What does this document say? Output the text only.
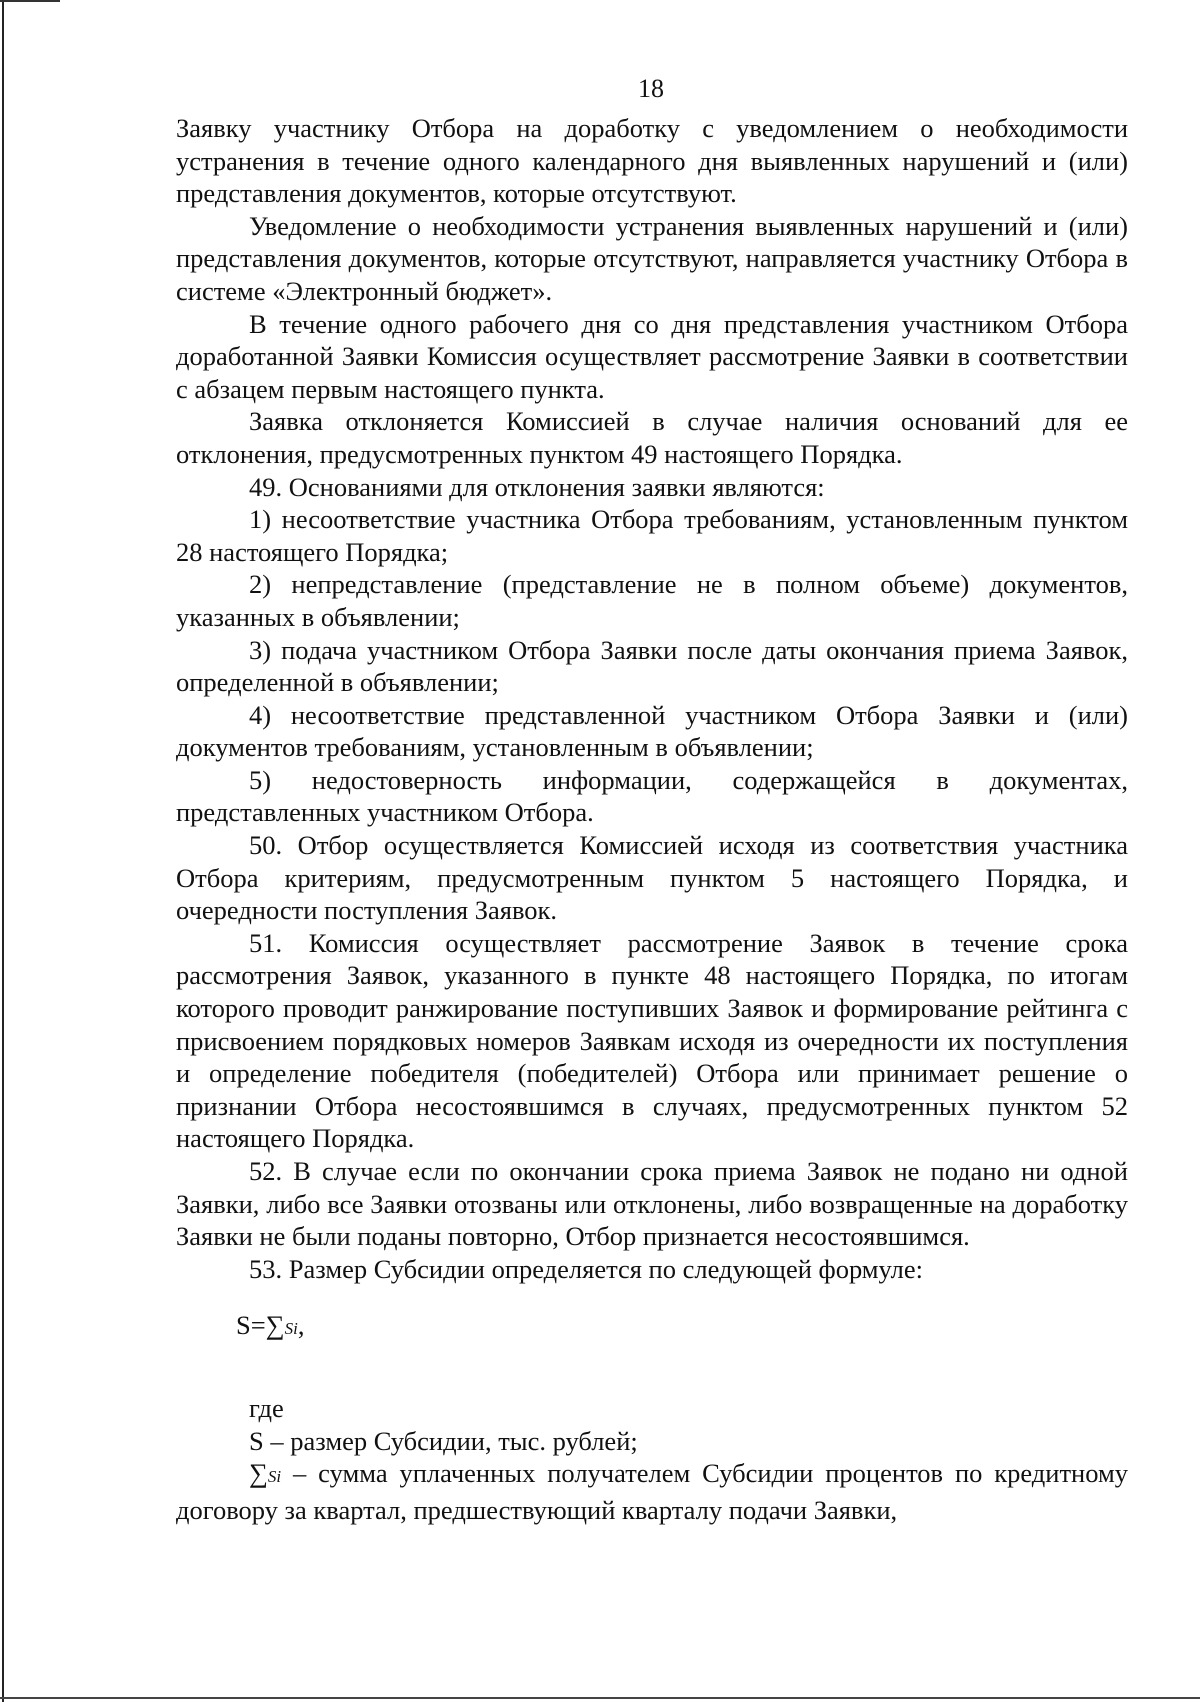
18

Заявку участнику Отбора на доработку с уведомлением о необходимости устранения в течение одного календарного дня выявленных нарушений и (или) представления документов, которые отсутствуют.

Уведомление о необходимости устранения выявленных нарушений и (или) представления документов, которые отсутствуют, направляется участнику Отбора в системе «Электронный бюджет».

В течение одного рабочего дня со дня представления участником Отбора доработанной Заявки Комиссия осуществляет рассмотрение Заявки в соответствии с абзацем первым настоящего пункта.

Заявка отклоняется Комиссией в случае наличия оснований для ее отклонения, предусмотренных пунктом 49 настоящего Порядка.

49. Основаниями для отклонения заявки являются:

1) несоответствие участника Отбора требованиям, установленным пунктом 28 настоящего Порядка;

2) непредставление (представление не в полном объеме) документов, указанных в объявлении;

3) подача участником Отбора Заявки после даты окончания приема Заявок, определенной в объявлении;

4) несоответствие представленной участником Отбора Заявки и (или) документов требованиям, установленным в объявлении;

5) недостоверность информации, содержащейся в документах, представленных участником Отбора.

50. Отбор осуществляется Комиссией исходя из соответствия участника Отбора критериям, предусмотренным пунктом 5 настоящего Порядка, и очередности поступления Заявок.

51. Комиссия осуществляет рассмотрение Заявок в течение срока рассмотрения Заявок, указанного в пункте 48 настоящего Порядка, по итогам которого проводит ранжирование поступивших Заявок и формирование рейтинга с присвоением порядковых номеров Заявкам исходя из очередности их поступления и определение победителя (победителей) Отбора или принимает решение о признании Отбора несостоявшимся в случаях, предусмотренных пунктом 52 настоящего Порядка.

52. В случае если по окончании срока приема Заявок не подано ни одной Заявки, либо все Заявки отозваны или отклонены, либо возвращенные на доработку Заявки не были поданы повторно, Отбор признается несостоявшимся.

53. Размер Субсидии определяется по следующей формуле:

S=∑Si,

где

S – размер Субсидии, тыс. рублей;

∑Si – сумма уплаченных получателем Субсидии процентов по кредитному договору за квартал, предшествующий кварталу подачи Заявки,
